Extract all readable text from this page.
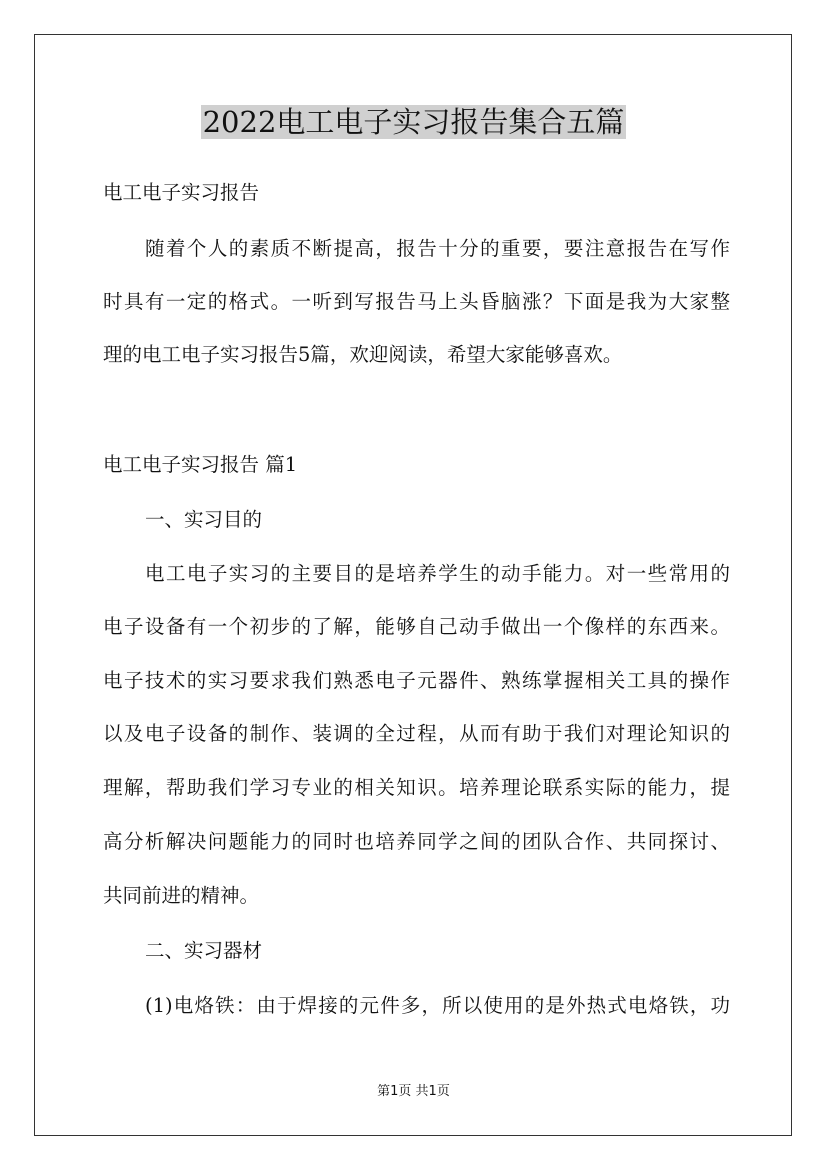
2022电工电子实习报告集合五篇
电工电子实习报告
随着个人的素质不断提高，报告十分的重要，要注意报告在写作
时具有一定的格式。一听到写报告马上头昏脑涨？下面是我为大家整
理的电工电子实习报告5篇，欢迎阅读，希望大家能够喜欢。
电工电子实习报告 篇1
一、实习目的
电工电子实习的主要目的是培养学生的动手能力。对一些常用的
电子设备有一个初步的了解，能够自己动手做出一个像样的东西来。
电子技术的实习要求我们熟悉电子元器件、熟练掌握相关工具的操作
以及电子设备的制作、装调的全过程，从而有助于我们对理论知识的
理解，帮助我们学习专业的相关知识。培养理论联系实际的能力，提
高分析解决问题能力的同时也培养同学之间的团队合作、共同探讨、
共同前进的精神。
二、实习器材
(1)电烙铁：由于焊接的元件多，所以使用的是外热式电烙铁，功
第1页 共1页
